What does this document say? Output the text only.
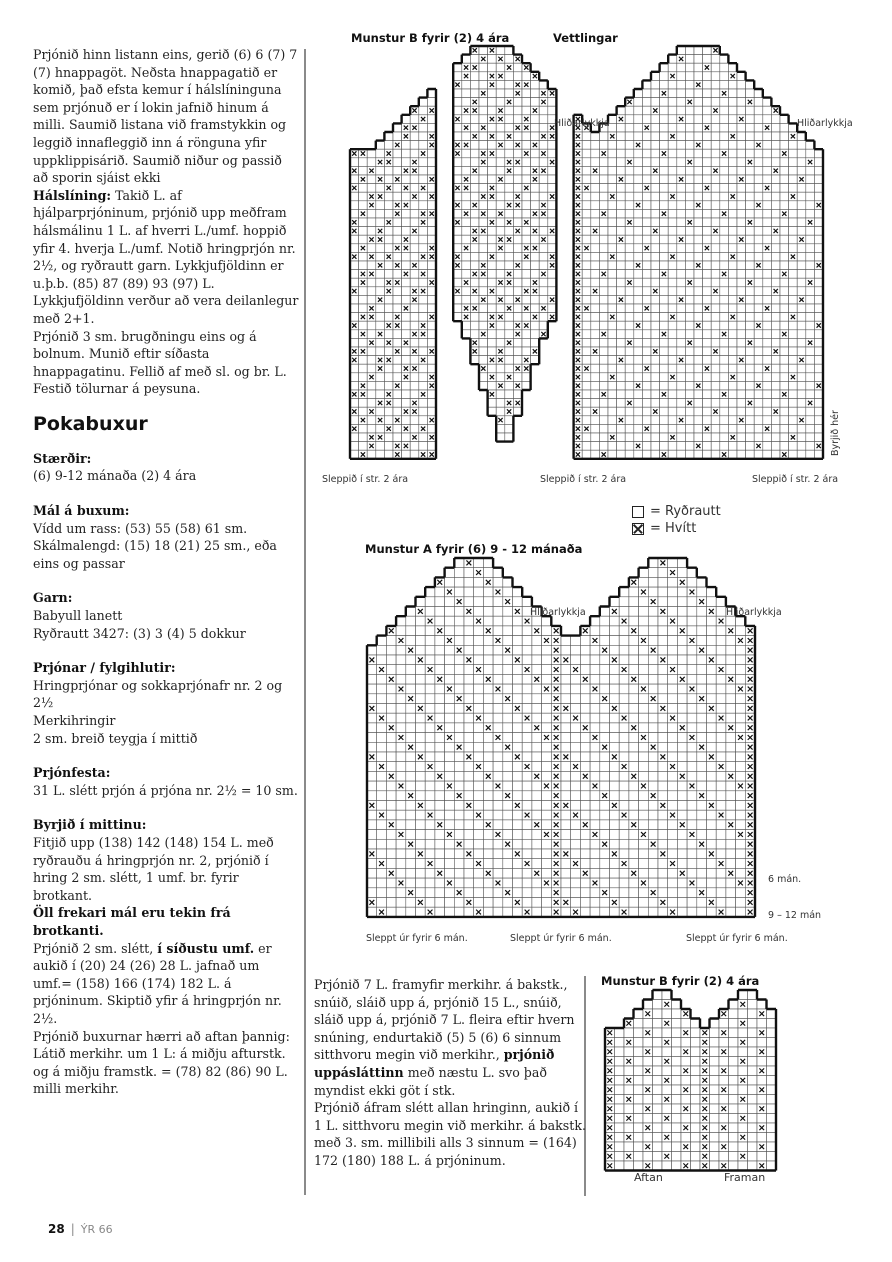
Prjónið hinn listann eins, gerið (6) 6 (7) 7 (7) hnappagöt. Neðsta hnappagatið er komið, það efsta kemur í hálslíninguna sem prjónuð er í lokin jafnið hinum á milli. Saumið listana við framstykkin og leggið innafleggið inn á rönguna yfir uppklippisárið. Saumið niður og passið að sporin sjáist ekki

Hálslíning: Takið L. af hjálparprjóninum, prjónið upp meðfram hálsmálinu 1 L. af hverri L./umf. hoppið yfir 4. hverja L./umf. Notið hringprjón nr. 2½, og ryðrautt garn. Lykkjufjöldinn er u.þ.b. (85) 87 (89) 93 (97) L.

Lykkjufjöldinn verður að vera deilanlegur með 2+1.

Prjónið 3 sm. brugðningu eins og á bolnum. Munið eftir síðasta hnappagatinu. Fellið af með sl. og br. L. Festið tölurnar á peysuna.

Pokabuxur

Stærðir:

(6) 9-12 mánaða (2) 4 ára

Mál á buxum:

Vídd um rass: (53) 55 (58) 61 sm.

Skálmalengd: (15) 18 (21) 25 sm., eða eins og passar

Garn:

Babyull lanett

Ryðrautt 3427: (3) 3 (4) 5 dokkur

Prjónar / fylgihlutir:

Hringprjónar og sokkaprjónafr nr. 2 og 2½

Merkihringir

2 sm. breið teygja í mittið

Prjónfesta:

31 L. slétt prjón á prjóna nr. 2½ = 10 sm.

Byrjið í mittinu:

Fitjið upp (138) 142 (148) 154 L. með ryðrauðu á hringprjón nr. 2, prjónið í hring 2 sm. slétt, 1 umf. br. fyrir brotkant.

Öll frekari mál eru tekin frá brotkanti.

Prjónið 2 sm. slétt, í síðustu umf. er aukið í (20) 24 (26) 28 L. jafnað um umf.= (158) 166 (174) 182 L. á prjóninum. Skiptið yfir á hringprjón nr. 2½.

Prjónið buxurnar hærri að aftan þannig: Látið merkihr. um 1 L: á miðju afturstk. og á miðju framstk. = (78) 82 (86) 90 L. milli merkihr.

Prjónið 7 L. framyfir merkihr. á bakstk., snúið, sláið upp á, prjónið 15 L., snúið, sláið upp á, prjónið 7 L. fleira eftir hvern snúning, endurtakið (5) 5 (6) 6 sinnum sitthvoru megin við merkihr., prjónið uppásláttinn með næstu L. svo það myndist ekki göt í stk.

Prjónið áfram slétt allan hringinn, aukið í 1 L. sitthvoru megin við merkihr. á bakstk. með 3. sm. millibili alls 3 sinnum = (164) 172 (180) 188 L. á prjóninum.

Munstur B fyrir (2) 4 ára	Vettlingar
Hliðarlykkja	Hliðarlykkja
Sleppið í str. 2 ára	Sleppið í str. 2 ára	Sleppið í str. 2 ára
Byrjið hér
= Ryðrautt
= Hvítt
Munstur A fyrir (6) 9 - 12 mánaða
Hliðarlykkja	Hliðarlykkja
6 mán.
9 – 12 mán
Sleppt úr fyrir 6 mán.	Sleppt úr fyrir 6 mán.	Sleppt úr fyrir 6 mán.
Munstur B fyrir (2) 4 ára
Aftan	Framan
28 | ÝR 66
